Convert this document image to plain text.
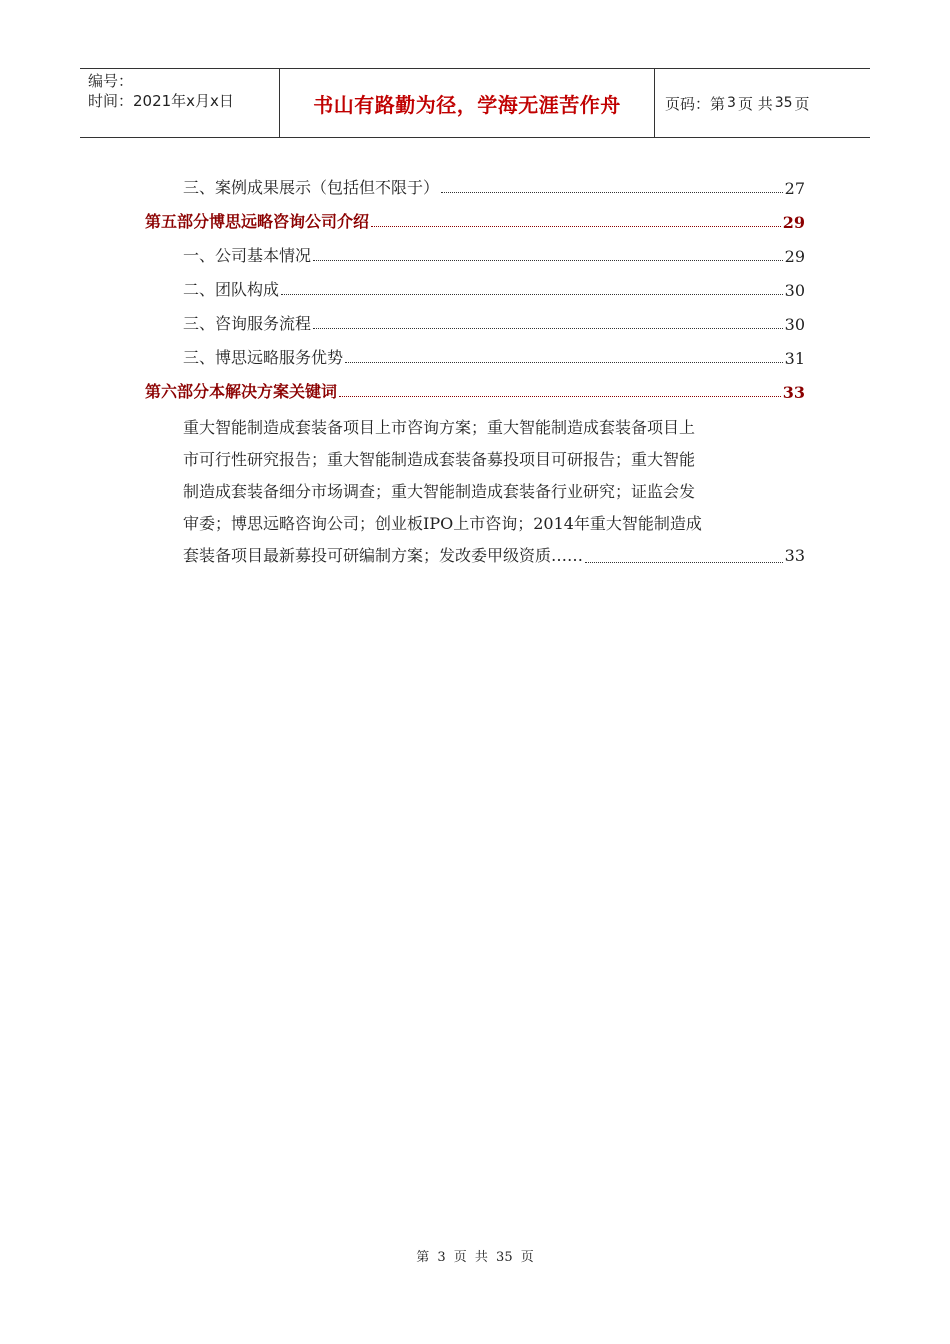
编号：
时间：2021年x月x日	书山有路勤为径，学海无涯苦作舟	页码：第 3 页 共 35 页
三、案例成果展示（包括但不限于）	27
第五部分博思远略咨询公司介绍	29
一、公司基本情况	29
二、团队构成	30
三、咨询服务流程	30
三、博思远略服务优势	31
第六部分本解决方案关键词	33
重大智能制造成套装备项目上市咨询方案；重大智能制造成套装备项目上
市可行性研究报告；重大智能制造成套装备募投项目可研报告；重大智能
制造成套装备细分市场调查；重大智能制造成套装备行业研究；证监会发
审委；博思远略咨询公司；创业板IPO上市咨询；2014年重大智能制造成
套装备项目最新募投可研编制方案；发改委甲级资质……	33
第 3 页 共 35 页
